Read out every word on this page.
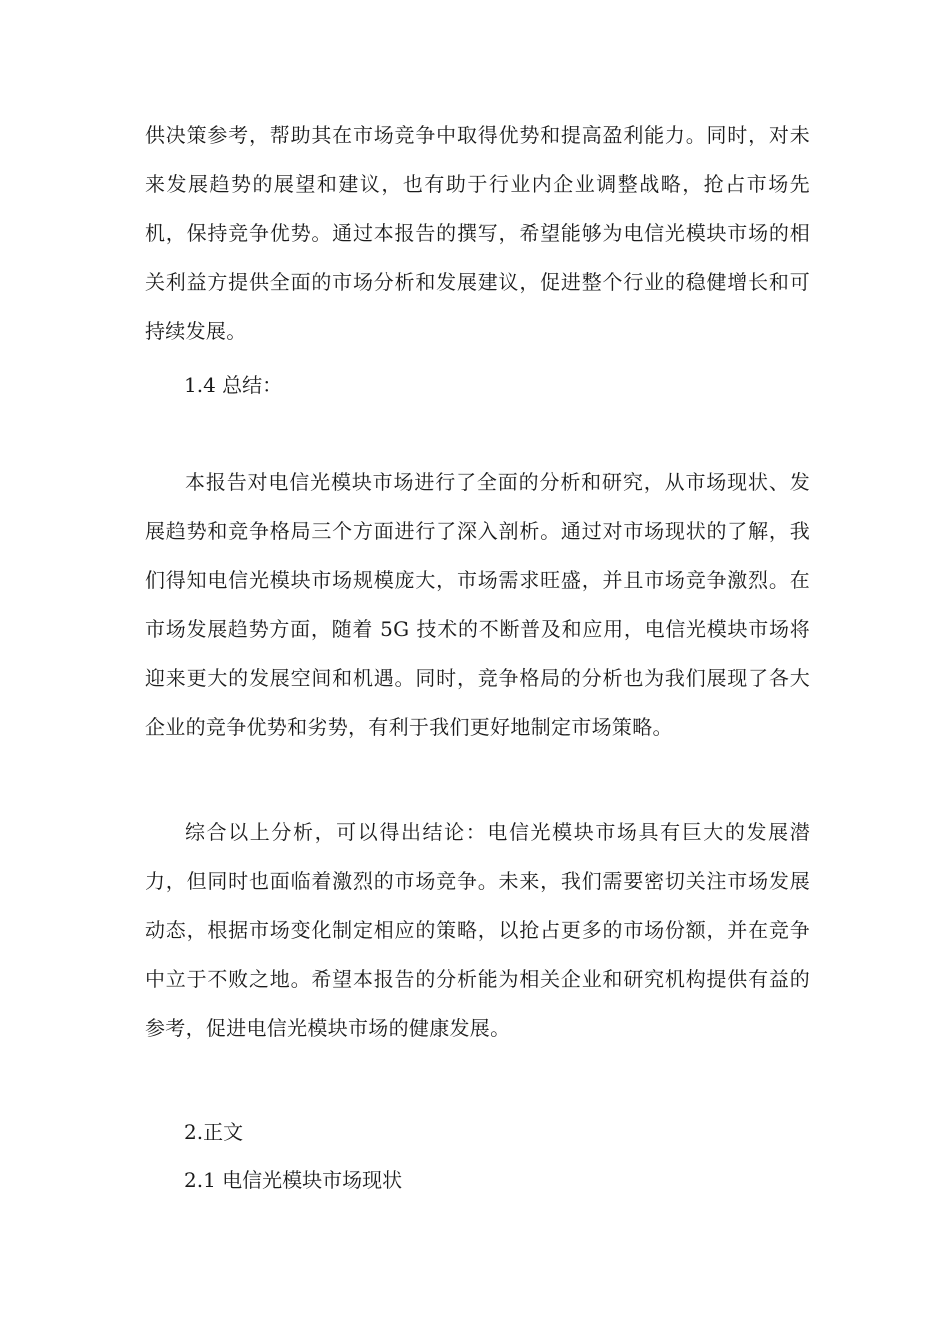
供决策参考，帮助其在市场竞争中取得优势和提高盈利能力。同时，对未来发展趋势的展望和建议，也有助于行业内企业调整战略，抢占市场先机，保持竞争优势。通过本报告的撰写，希望能够为电信光模块市场的相关利益方提供全面的市场分析和发展建议，促进整个行业的稳健增长和可持续发展。

1.4 总结：

本报告对电信光模块市场进行了全面的分析和研究，从市场现状、发展趋势和竞争格局三个方面进行了深入剖析。通过对市场现状的了解，我们得知电信光模块市场规模庞大，市场需求旺盛，并且市场竞争激烈。在市场发展趋势方面，随着 5G 技术的不断普及和应用，电信光模块市场将迎来更大的发展空间和机遇。同时，竞争格局的分析也为我们展现了各大企业的竞争优势和劣势，有利于我们更好地制定市场策略。

综合以上分析，可以得出结论：电信光模块市场具有巨大的发展潜力，但同时也面临着激烈的市场竞争。未来，我们需要密切关注市场发展动态，根据市场变化制定相应的策略，以抢占更多的市场份额，并在竞争中立于不败之地。希望本报告的分析能为相关企业和研究机构提供有益的参考，促进电信光模块市场的健康发展。

2.正文

2.1 电信光模块市场现状
